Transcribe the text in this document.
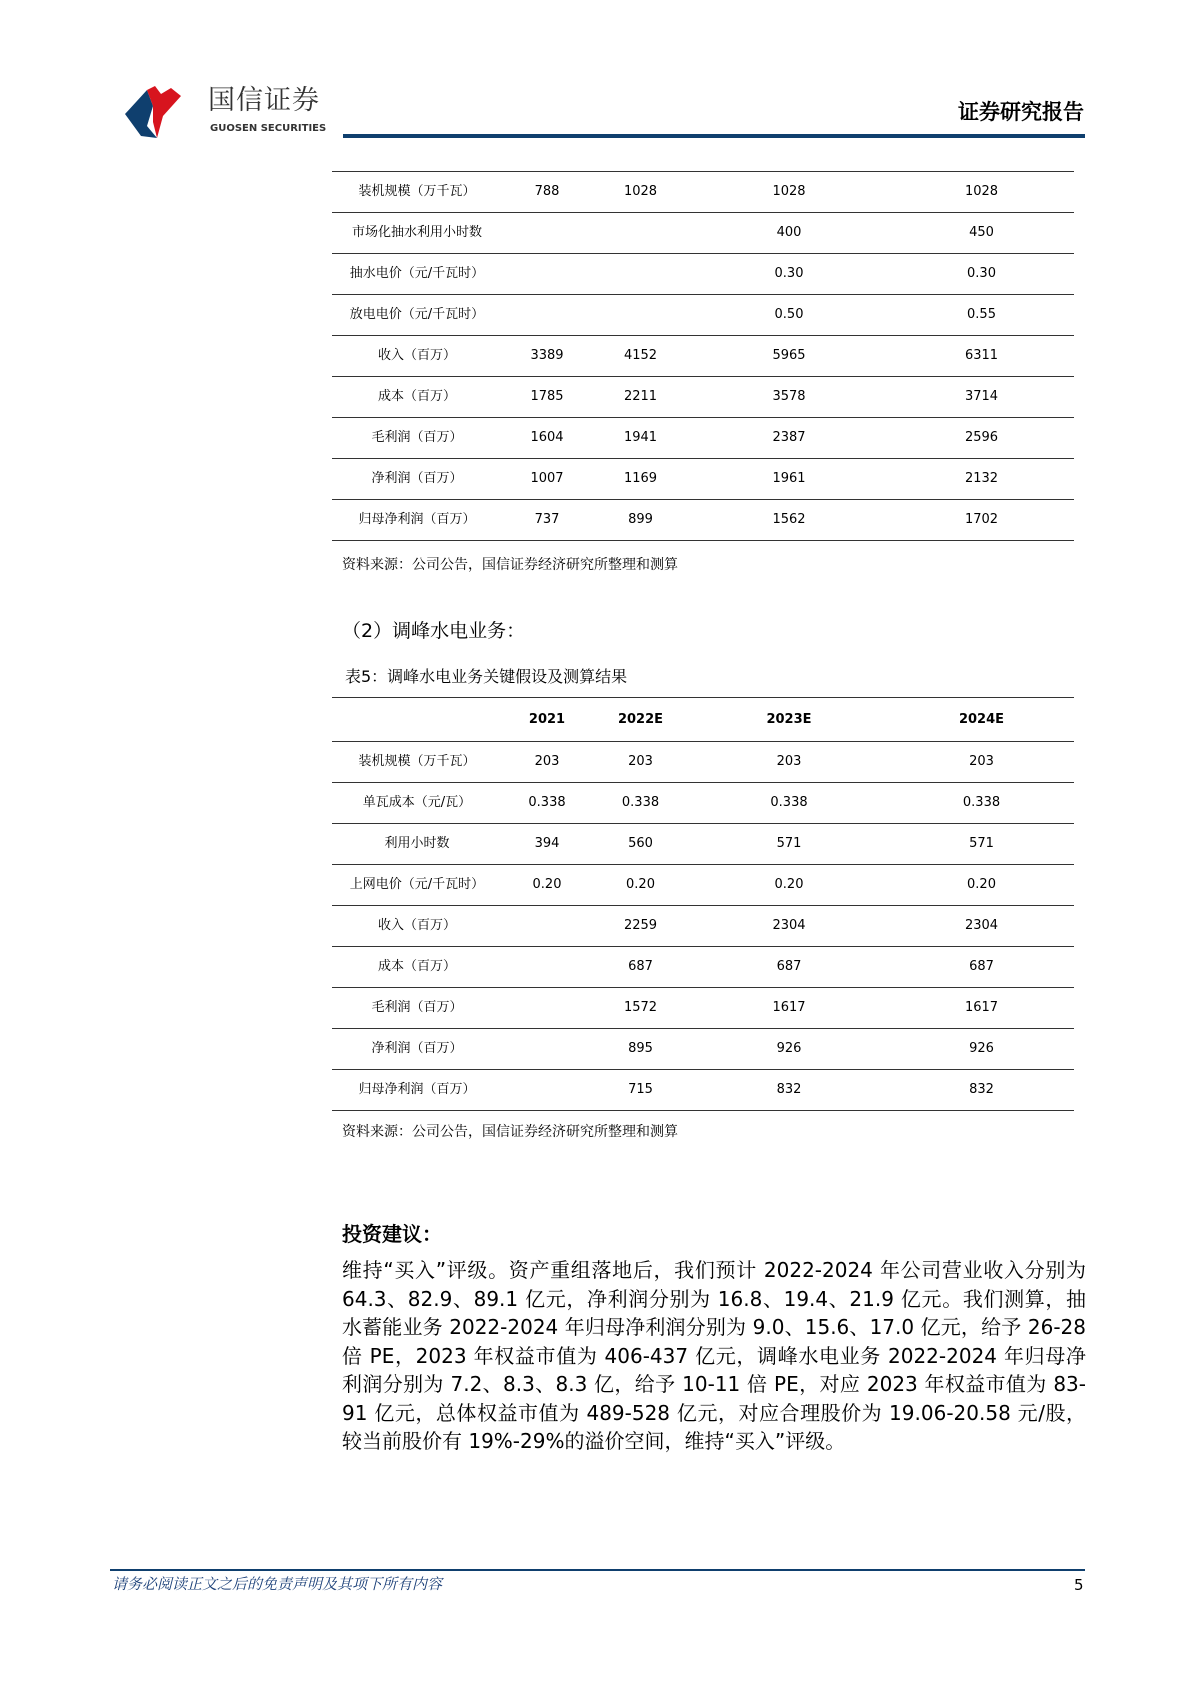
国信证券
GUOSEN SECURITIES
证券研究报告
装机规模（万千瓦）	788	1028	1028	1028
市场化抽水利用小时数			400	450
抽水电价（元/千瓦时）			0.30	0.30
放电电价（元/千瓦时）			0.50	0.55
收入（百万）	3389	4152	5965	6311
成本（百万）	1785	2211	3578	3714
毛利润（百万）	1604	1941	2387	2596
净利润（百万）	1007	1169	1961	2132
归母净利润（百万）	737	899	1562	1702
资料来源：公司公告，国信证券经济研究所整理和测算
（2）调峰水电业务：
表5：调峰水电业务关键假设及测算结果
	2021	2022E	2023E	2024E
装机规模（万千瓦）	203	203	203	203
单瓦成本（元/瓦）	0.338	0.338	0.338	0.338
利用小时数	394	560	571	571
上网电价（元/千瓦时）	0.20	0.20	0.20	0.20
收入（百万）		2259	2304	2304
成本（百万）		687	687	687
毛利润（百万）		1572	1617	1617
净利润（百万）		895	926	926
归母净利润（百万）		715	832	832
资料来源：公司公告，国信证券经济研究所整理和测算
投资建议：
维持“买入”评级。资产重组落地后，我们预计 2022-2024 年公司营业收入分别为 64.3、82.9、89.1 亿元，净利润分别为 16.8、19.4、21.9 亿元。我们测算，抽水蓄能业务 2022-2024 年归母净利润分别为 9.0、15.6、17.0 亿元，给予 26-28 倍 PE，2023 年权益市值为 406-437 亿元，调峰水电业务 2022-2024 年归母净利润分别为 7.2、8.3、8.3 亿，给予 10-11 倍 PE，对应 2023 年权益市值为 83-91 亿元，总体权益市值为 489-528 亿元，对应合理股价为 19.06-20.58 元/股，较当前股价有 19%-29%的溢价空间，维持“买入”评级。
请务必阅读正文之后的免责声明及其项下所有内容	5
